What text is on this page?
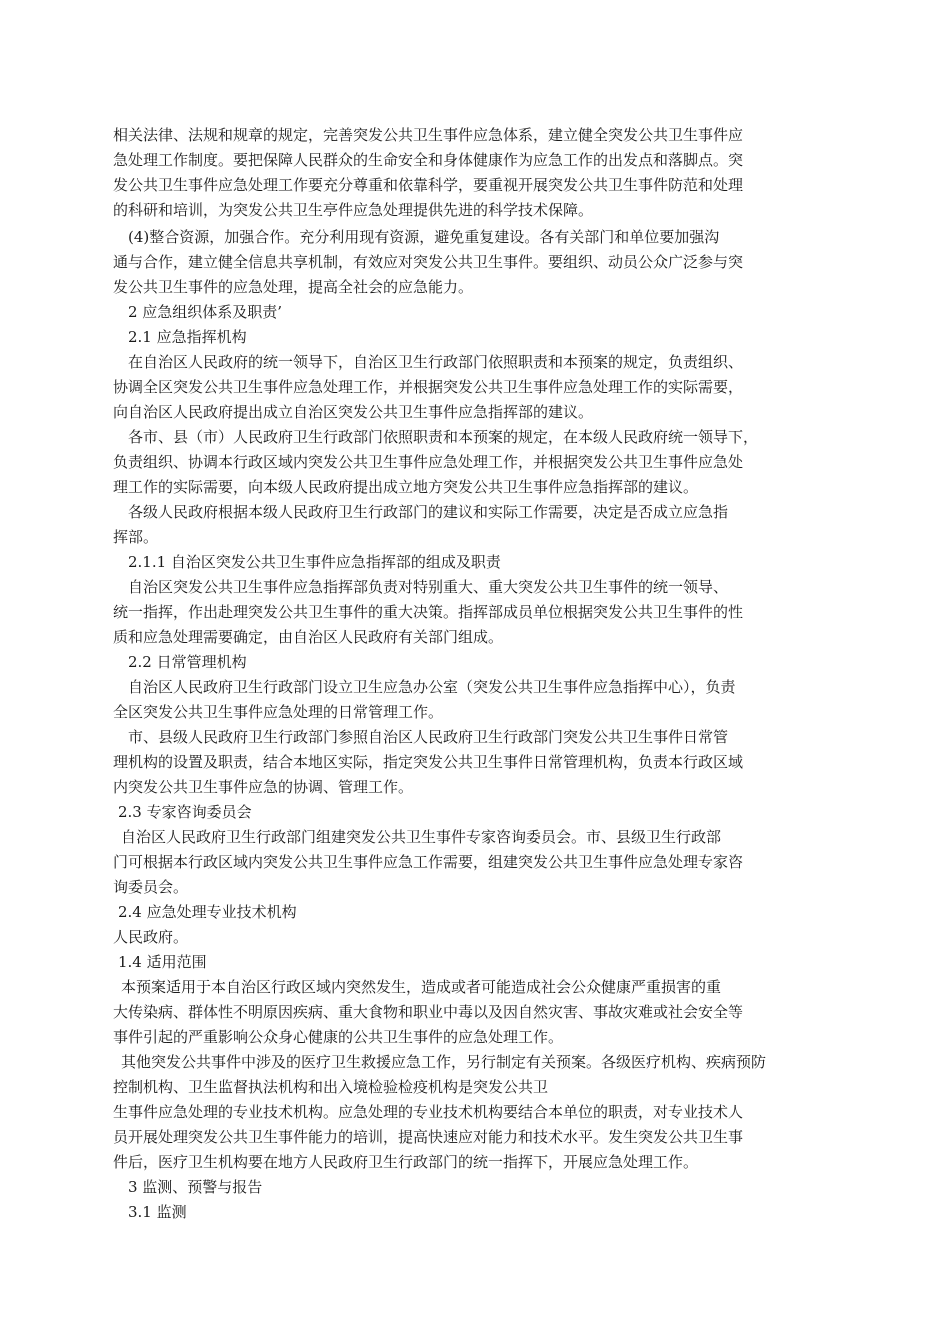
相关法律、法规和规章的规定，完善突发公共卫生事件应急体系，建立健全突发公共卫生事件应
急处理工作制度。要把保障人民群众的生命安全和身体健康作为应急工作的出发点和落脚点。突
发公共卫生事件应急处理工作要充分尊重和依靠科学，要重视开展突发公共卫生事件防范和处理
的科研和培训，为突发公共卫生亭件应急处理提供先进的科学技术保障。
(4)整合资源，加强合作。充分利用现有资源，避免重复建设。各有关部门和单位要加强沟
通与合作，建立健全信息共享机制，有效应对突发公共卫生事件。要组织、动员公众广泛参与突
发公共卫生事件的应急处理，提高全社会的应急能力。
2 应急组织体系及职责’
2.1 应急指挥机构
在自治区人民政府的统一领导下，自治区卫生行政部门依照职责和本预案的规定，负责组织、
协调全区突发公共卫生事件应急处理工作，并根据突发公共卫生事件应急处理工作的实际需要，
向自治区人民政府提出成立自治区突发公共卫生事件应急指挥部的建议。
各市、县（市）人民政府卫生行政部门依照职责和本预案的规定，在本级人民政府统一领导下，
负责组织、协调本行政区域内突发公共卫生事件应急处理工作，并根据突发公共卫生事件应急处
理工作的实际需要，向本级人民政府提出成立地方突发公共卫生事件应急指挥部的建议。
各级人民政府根据本级人民政府卫生行政部门的建议和实际工作需要，决定是否成立应急指
挥部。
2.1.1 自治区突发公共卫生事件应急指挥部的组成及职责
自治区突发公共卫生事件应急指挥部负责对特别重大、重大突发公共卫生事件的统一领导、
统一指挥，作出赴理突发公共卫生事件的重大决策。指挥部成员单位根据突发公共卫生事件的性
质和应急处理需要确定，由自治区人民政府有关部门组成。
2.2 日常管理机构
自治区人民政府卫生行政部门设立卫生应急办公室（突发公共卫生事件应急指挥中心），负责
全区突发公共卫生事件应急处理的日常管理工作。
市、县级人民政府卫生行政部门参照自治区人民政府卫生行政部门突发公共卫生事件日常管
理机构的设置及职责，结合本地区实际，指定突发公共卫生事件日常管理机构，负责本行政区域
内突发公共卫生事件应急的协调、管理工作。
2.3 专家咨询委员会
自治区人民政府卫生行政部门组建突发公共卫生事件专家咨询委员会。市、县级卫生行政部
门可根据本行政区域内突发公共卫生事件应急工作需要，组建突发公共卫生事件应急处理专家咨
询委员会。
2.4 应急处理专业技术机构
人民政府。
1.4 适用范围
本预案适用于本自治区行政区域内突然发生，造成或者可能造成社会公众健康严重损害的重
大传染病、群体性不明原因疾病、重大食物和职业中毒以及因自然灾害、事故灾难或社会安全等
事件引起的严重影响公众身心健康的公共卫生事件的应急处理工作。
其他突发公共事件中涉及的医疗卫生救援应急工作，另行制定有关预案。各级医疗机构、疾病预防
控制机构、卫生监督执法机构和出入境检验检疫机构是突发公共卫
生事件应急处理的专业技术机构。应急处理的专业技术机构要结合本单位的职责，对专业技术人
员开展处理突发公共卫生事件能力的培训，提高快速应对能力和技术水平。发生突发公共卫生事
件后，医疗卫生机构要在地方人民政府卫生行政部门的统一指挥下，开展应急处理工作。
3 监测、预警与报告
3.1 监测
